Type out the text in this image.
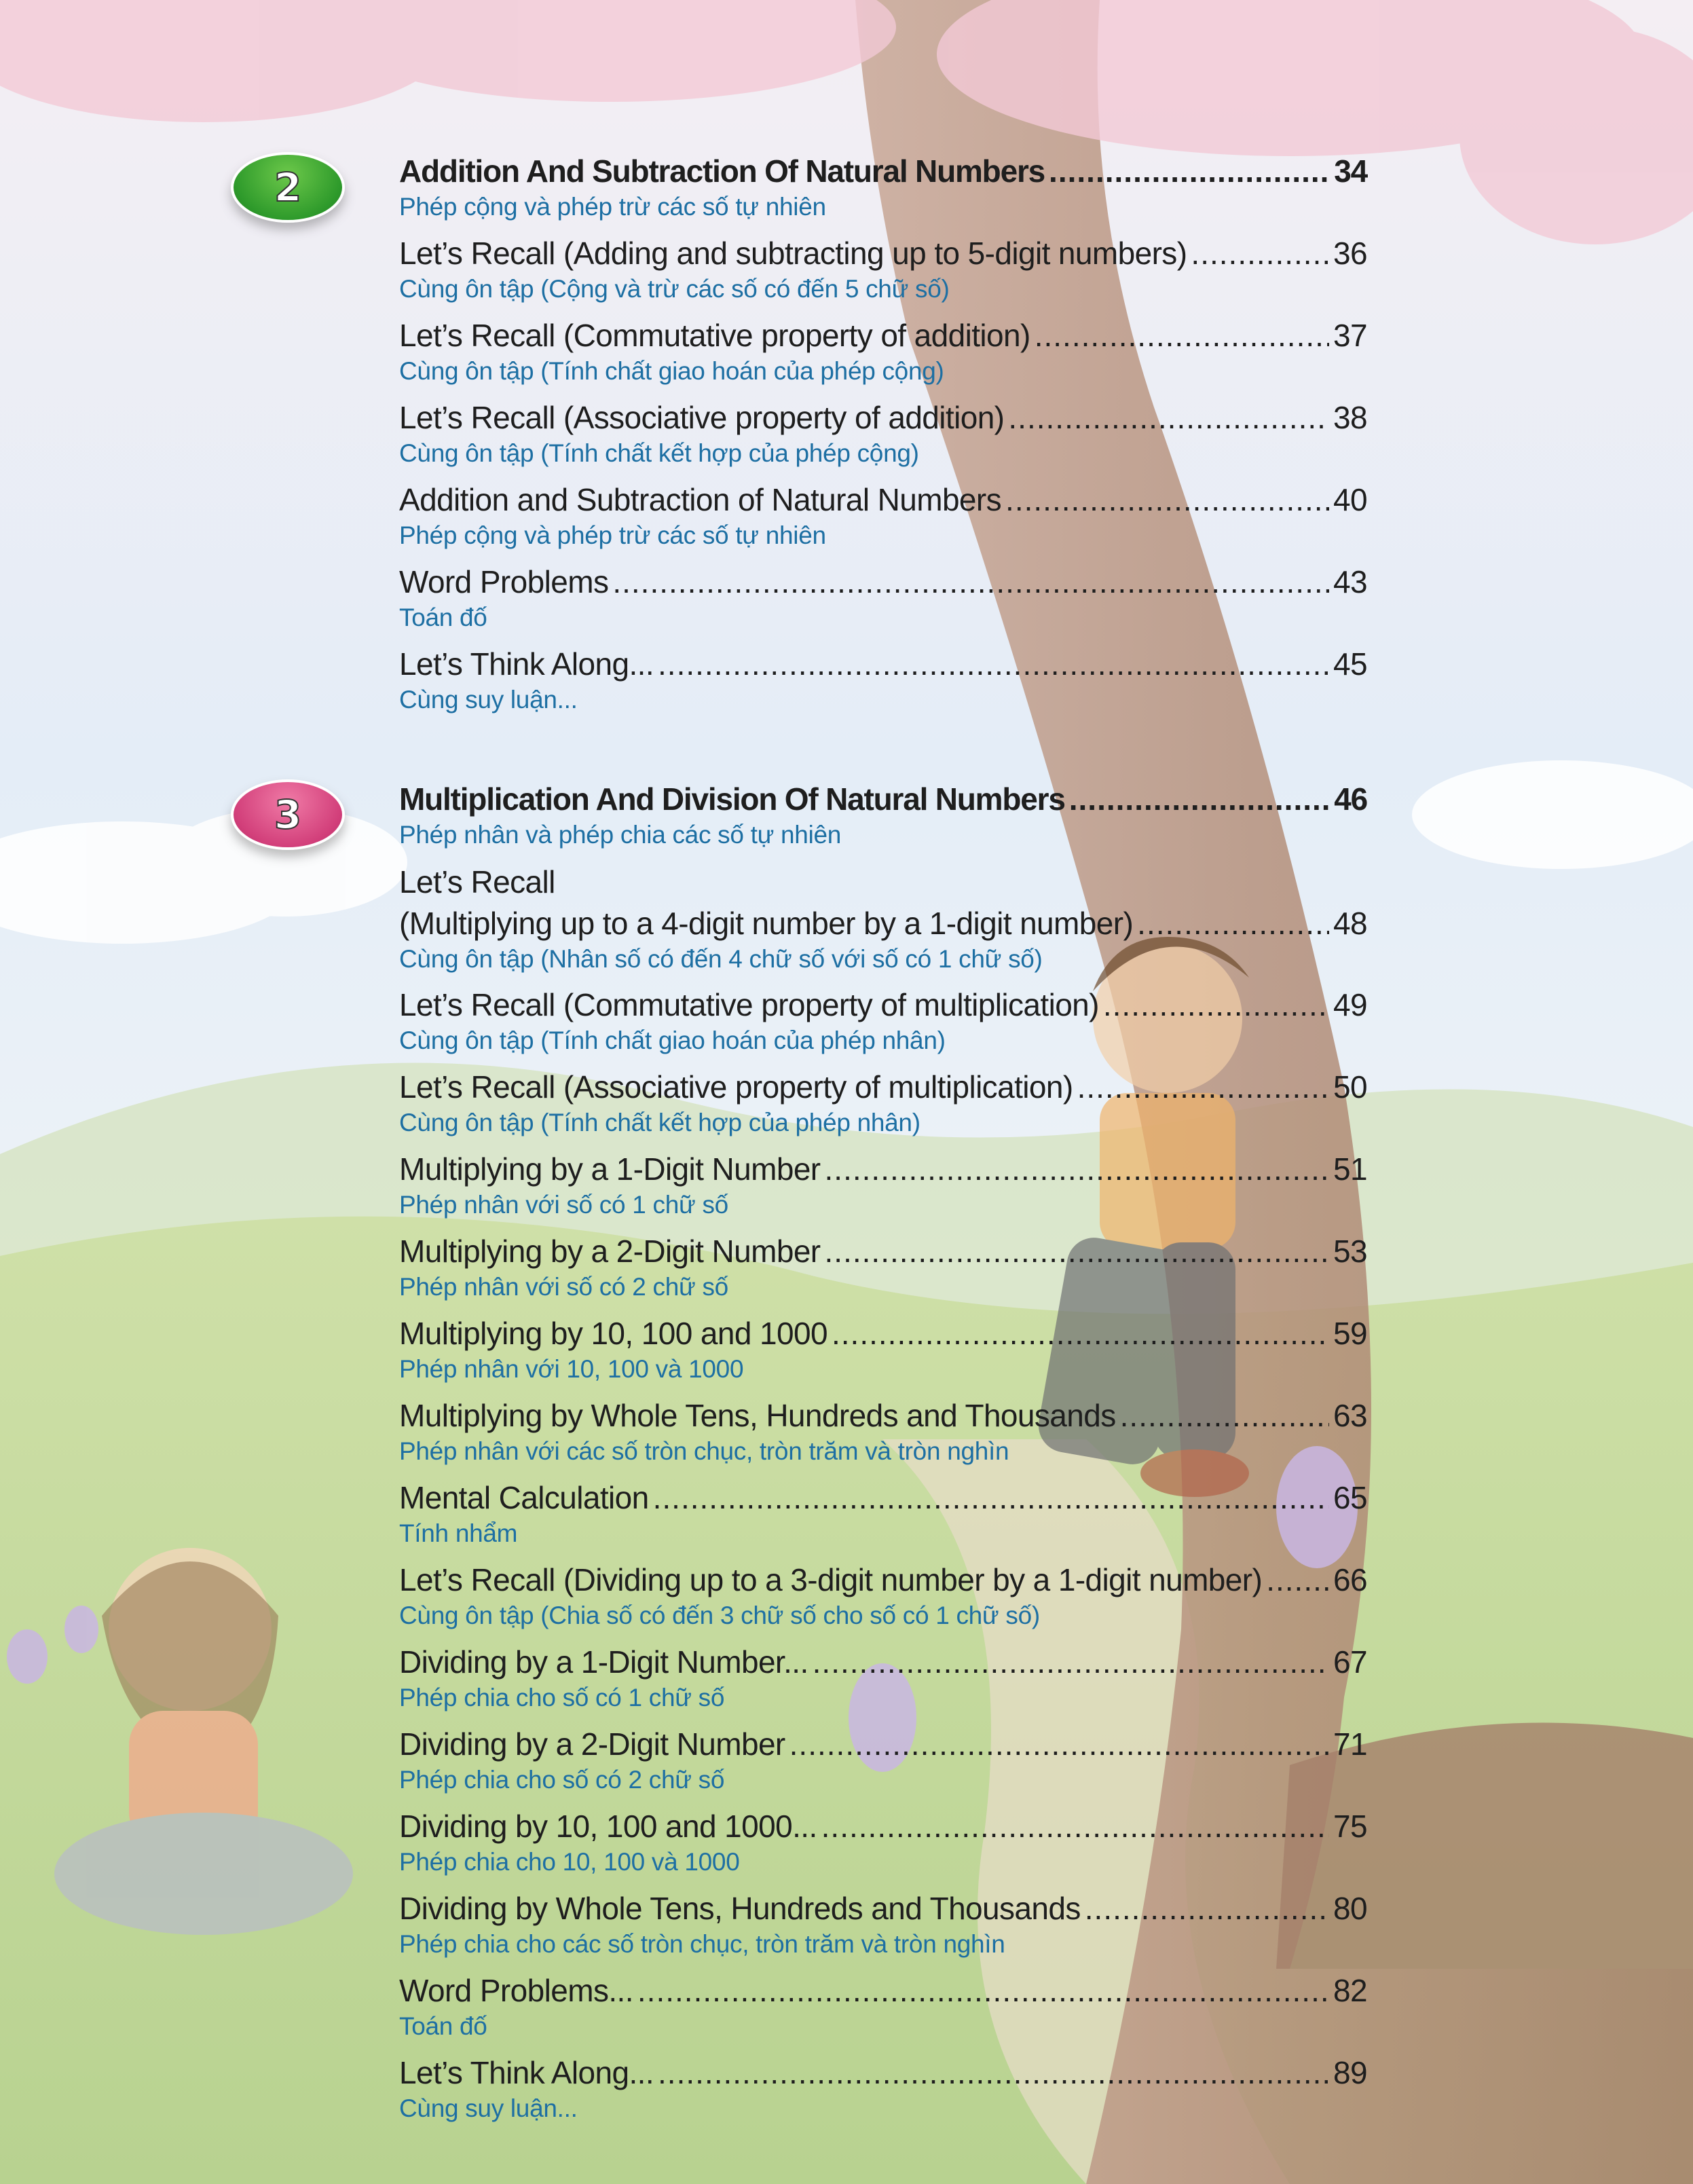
2	Addition And Subtraction Of Natural Numbers .....	34
Phép cộng và phép trừ các số tự nhiên
Let’s Recall (Adding and subtracting up to 5-digit numbers) .....	36
Cùng ôn tập (Cộng và trừ các số có đến 5 chữ số)
Let’s Recall (Commutative property of addition) .....	37
Cùng ôn tập (Tính chất giao hoán của phép cộng)
Let’s Recall (Associative property of addition) .....	38
Cùng ôn tập (Tính chất kết hợp của phép cộng)
Addition and Subtraction of Natural Numbers .....	40
Phép cộng và phép trừ các số tự nhiên
Word Problems .....	43
Toán đố
Let’s Think Along... .....	45
Cùng suy luận...
3	Multiplication And Division Of Natural Numbers .....	46
Phép nhân và phép chia các số tự nhiên
Let’s Recall
(Multiplying up to a 4-digit number by a 1-digit number) .....	48
Cùng ôn tập (Nhân số có đến 4 chữ số với số có 1 chữ số)
Let’s Recall (Commutative property of multiplication) .....	49
Cùng ôn tập (Tính chất giao hoán của phép nhân)
Let’s Recall (Associative property of multiplication) .....	50
Cùng ôn tập (Tính chất kết hợp của phép nhân)
Multiplying by a 1-Digit Number .....	51
Phép nhân với số có 1 chữ số
Multiplying by a 2-Digit Number .....	53
Phép nhân với số có 2 chữ số
Multiplying by 10, 100 and 1000 .....	59
Phép nhân với 10, 100 và 1000
Multiplying by Whole Tens, Hundreds and Thousands .....	63
Phép nhân với các số tròn chục, tròn trăm và tròn nghìn
Mental Calculation .....	65
Tính nhẩm
Let’s Recall (Dividing up to a 3-digit number by a 1-digit number) ..... 66
Cùng ôn tập (Chia số có đến 3 chữ số cho số có 1 chữ số)
Dividing by a 1-Digit Number... .....	67
Phép chia cho số có 1 chữ số
Dividing by a 2-Digit Number .....	71
Phép chia cho số có 2 chữ số
Dividing by 10, 100 and 1000... .....	75
Phép chia cho 10, 100 và 1000
Dividing by Whole Tens, Hundreds and Thousands .....	80
Phép chia cho các số tròn chục, tròn trăm và tròn nghìn
Word Problems... .....	82
Toán đố
Let’s Think Along... .....	89
Cùng suy luận...
